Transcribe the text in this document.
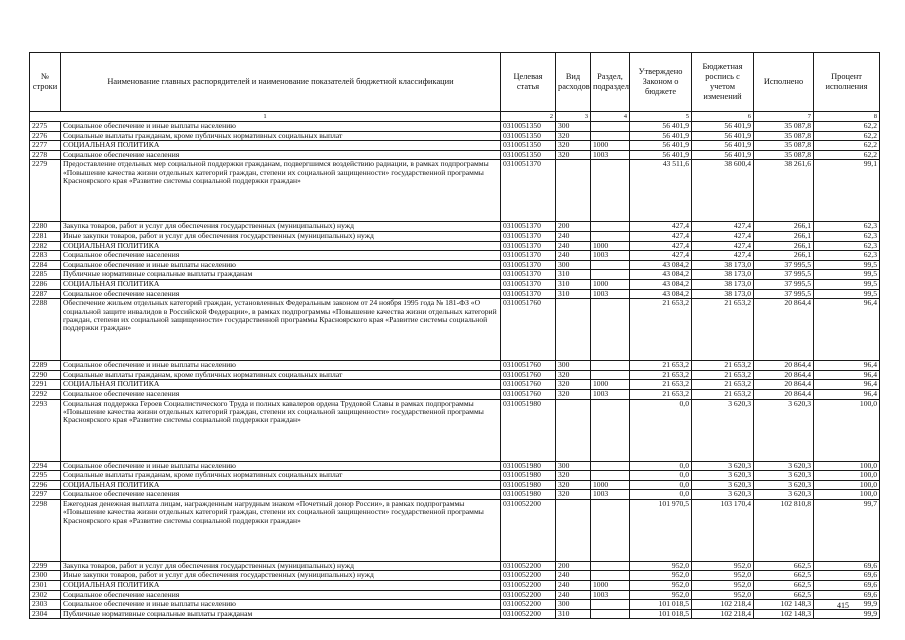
№ строки	Наименование главных распорядителей и наименование показателей бюджетной классификации	Целевая статья	Вид расходов	Раздел, подраздел	Утверждено Законом о бюджете	Бюджетная роспись с учетом изменений	Исполнено	Процент исполнения
1		2	3	4	5	6	7	8
2275	Социальное обеспечение и иные выплаты населению	0310051350	300		56 401,9	56 401,9	35 087,8	62,2
2276	Социальные выплаты гражданам, кроме публичных нормативных социальных выплат	0310051350	320		56 401,9	56 401,9	35 087,8	62,2
2277	СОЦИАЛЬНАЯ ПОЛИТИКА	0310051350	320	1000	56 401,9	56 401,9	35 087,8	62,2
2278	Социальное обеспечение населения	0310051350	320	1003	56 401,9	56 401,9	35 087,8	62,2
2279	Предоставление отдельных мер социальной поддержки гражданам, подвергшимся воздействию радиации, в рамках подпрограммы «Повышение качества жизни отдельных категорий граждан, степени их социальной защищенности» государственной программы Красноярского края «Развитие системы социальной поддержки граждан»	0310051370			43 511,6	38 600,4	38 261,6	99,1
2280	Закупка товаров, работ и услуг для обеспечения государственных (муниципальных) нужд	0310051370	200		427,4	427,4	266,1	62,3
2281	Иные закупки товаров, работ и услуг для обеспечения государственных (муниципальных) нужд	0310051370	240		427,4	427,4	266,1	62,3
2282	СОЦИАЛЬНАЯ ПОЛИТИКА	0310051370	240	1000	427,4	427,4	266,1	62,3
2283	Социальное обеспечение населения	0310051370	240	1003	427,4	427,4	266,1	62,3
2284	Социальное обеспечение и иные выплаты населению	0310051370	300		43 084,2	38 173,0	37 995,5	99,5
2285	Публичные нормативные социальные выплаты гражданам	0310051370	310		43 084,2	38 173,0	37 995,5	99,5
2286	СОЦИАЛЬНАЯ ПОЛИТИКА	0310051370	310	1000	43 084,2	38 173,0	37 995,5	99,5
2287	Социальное обеспечение населения	0310051370	310	1003	43 084,2	38 173,0	37 995,5	99,5
2288	Обеспечение жильем отдельных категорий граждан, установленных Федеральным законом от 24 ноября 1995 года № 181-ФЗ «О социальной защите инвалидов в Российской Федерации», в рамках подпрограммы «Повышение качества жизни отдельных категорий граждан, степени их социальной защищенности» государственной программы Красноярского края «Развитие системы социальной поддержки граждан»	0310051760			21 653,2	21 653,2	20 864,4	96,4
2289	Социальное обеспечение и иные выплаты населению	0310051760	300		21 653,2	21 653,2	20 864,4	96,4
2290	Социальные выплаты гражданам, кроме публичных нормативных социальных выплат	0310051760	320		21 653,2	21 653,2	20 864,4	96,4
2291	СОЦИАЛЬНАЯ ПОЛИТИКА	0310051760	320	1000	21 653,2	21 653,2	20 864,4	96,4
2292	Социальное обеспечение населения	0310051760	320	1003	21 653,2	21 653,2	20 864,4	96,4
2293	Социальная поддержка Героев Социалистического Труда и полных кавалеров ордена Трудовой Славы в рамках подпрограммы «Повышение качества жизни отдельных категорий граждан, степени их социальной защищенности» государственной программы Красноярского края «Развитие системы социальной поддержки граждан»	0310051980			0,0	3 620,3	3 620,3	100,0
2294	Социальное обеспечение и иные выплаты населению	0310051980	300		0,0	3 620,3	3 620,3	100,0
2295	Социальные выплаты гражданам, кроме публичных нормативных социальных выплат	0310051980	320		0,0	3 620,3	3 620,3	100,0
2296	СОЦИАЛЬНАЯ ПОЛИТИКА	0310051980	320	1000	0,0	3 620,3	3 620,3	100,0
2297	Социальное обеспечение населения	0310051980	320	1003	0,0	3 620,3	3 620,3	100,0
2298	Ежегодная денежная выплата лицам, награжденным нагрудным знаком «Почетный донор России», в рамках подпрограммы «Повышение качества жизни отдельных категорий граждан, степени их социальной защищенности» государственной программы Красноярского края «Развитие системы социальной поддержки граждан»	0310052200			101 970,5	103 170,4	102 810,8	99,7
2299	Закупка товаров, работ и услуг для обеспечения государственных (муниципальных) нужд	0310052200	200		952,0	952,0	662,5	69,6
2300	Иные закупки товаров, работ и услуг для обеспечения государственных (муниципальных) нужд	0310052200	240		952,0	952,0	662,5	69,6
2301	СОЦИАЛЬНАЯ ПОЛИТИКА	0310052200	240	1000	952,0	952,0	662,5	69,6
2302	Социальное обеспечение населения	0310052200	240	1003	952,0	952,0	662,5	69,6
2303	Социальное обеспечение и иные выплаты населению	0310052200	300		101 018,5	102 218,4	102 148,3	99,9
2304	Публичные нормативные социальные выплаты гражданам	0310052200	310		101 018,5	102 218,4	102 148,3	99,9
415
